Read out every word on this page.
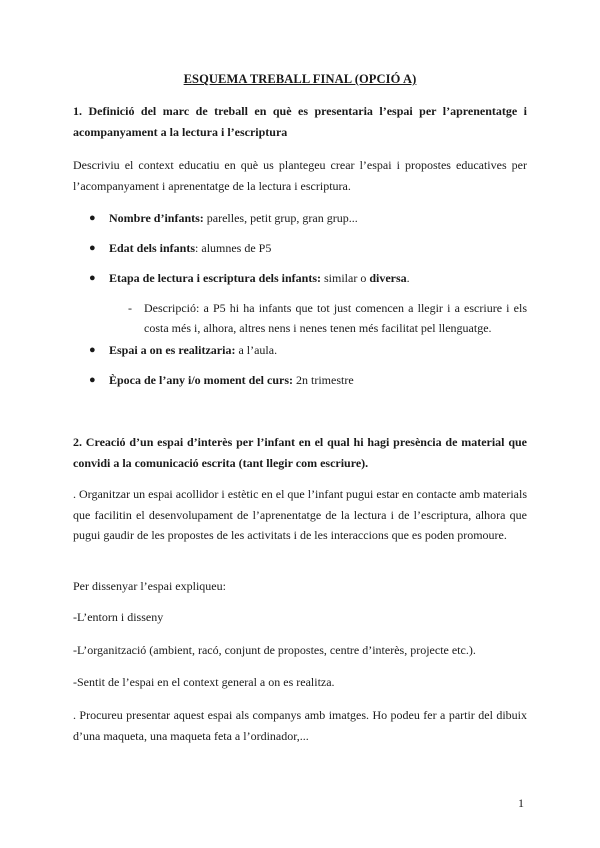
ESQUEMA TREBALL FINAL (OPCIÓ A)
1. Definició del marc de treball en què es presentaria l’espai per l’aprenentatge i acompanyament a la lectura i l’escriptura
Descriviu el context educatiu en què us plantegeu crear l’espai i propostes educatives per l’acompanyament i aprenentatge de la lectura i escriptura.
● Nombre d’infants: parelles, petit grup, gran grup...
● Edat dels infants: alumnes de P5
● Etapa de lectura i escriptura dels infants: similar o diversa.
- Descripció: a P5 hi ha infants que tot just comencen a llegir i a escriure i els costa més i, alhora, altres nens i nenes tenen més facilitat pel llenguatge.
● Espai a on es realitzaria: a l’aula.
● Època de l’any i/o moment del curs: 2n trimestre
2. Creació d’un espai d’interès per l’infant en el qual hi hagi presència de material que convidi a la comunicació escrita (tant llegir com escriure).
. Organitzar un espai acollidor i estètic en el que l’infant pugui estar en contacte amb materials que facilitin el desenvolupament de l’aprenentatge de la lectura i de l’escriptura, alhora que pugui gaudir de les propostes de les activitats i de les interaccions que es poden promoure.
Per dissenyar l’espai expliqueu:
-L’entorn i disseny
-L’organització (ambient, racó, conjunt de propostes, centre d’interès, projecte etc.).
-Sentit de l’espai en el context general a on es realitza.
. Procureu presentar aquest espai als companys amb imatges. Ho podeu fer a partir del dibuix d’una maqueta, una maqueta feta a l’ordinador,...
1
